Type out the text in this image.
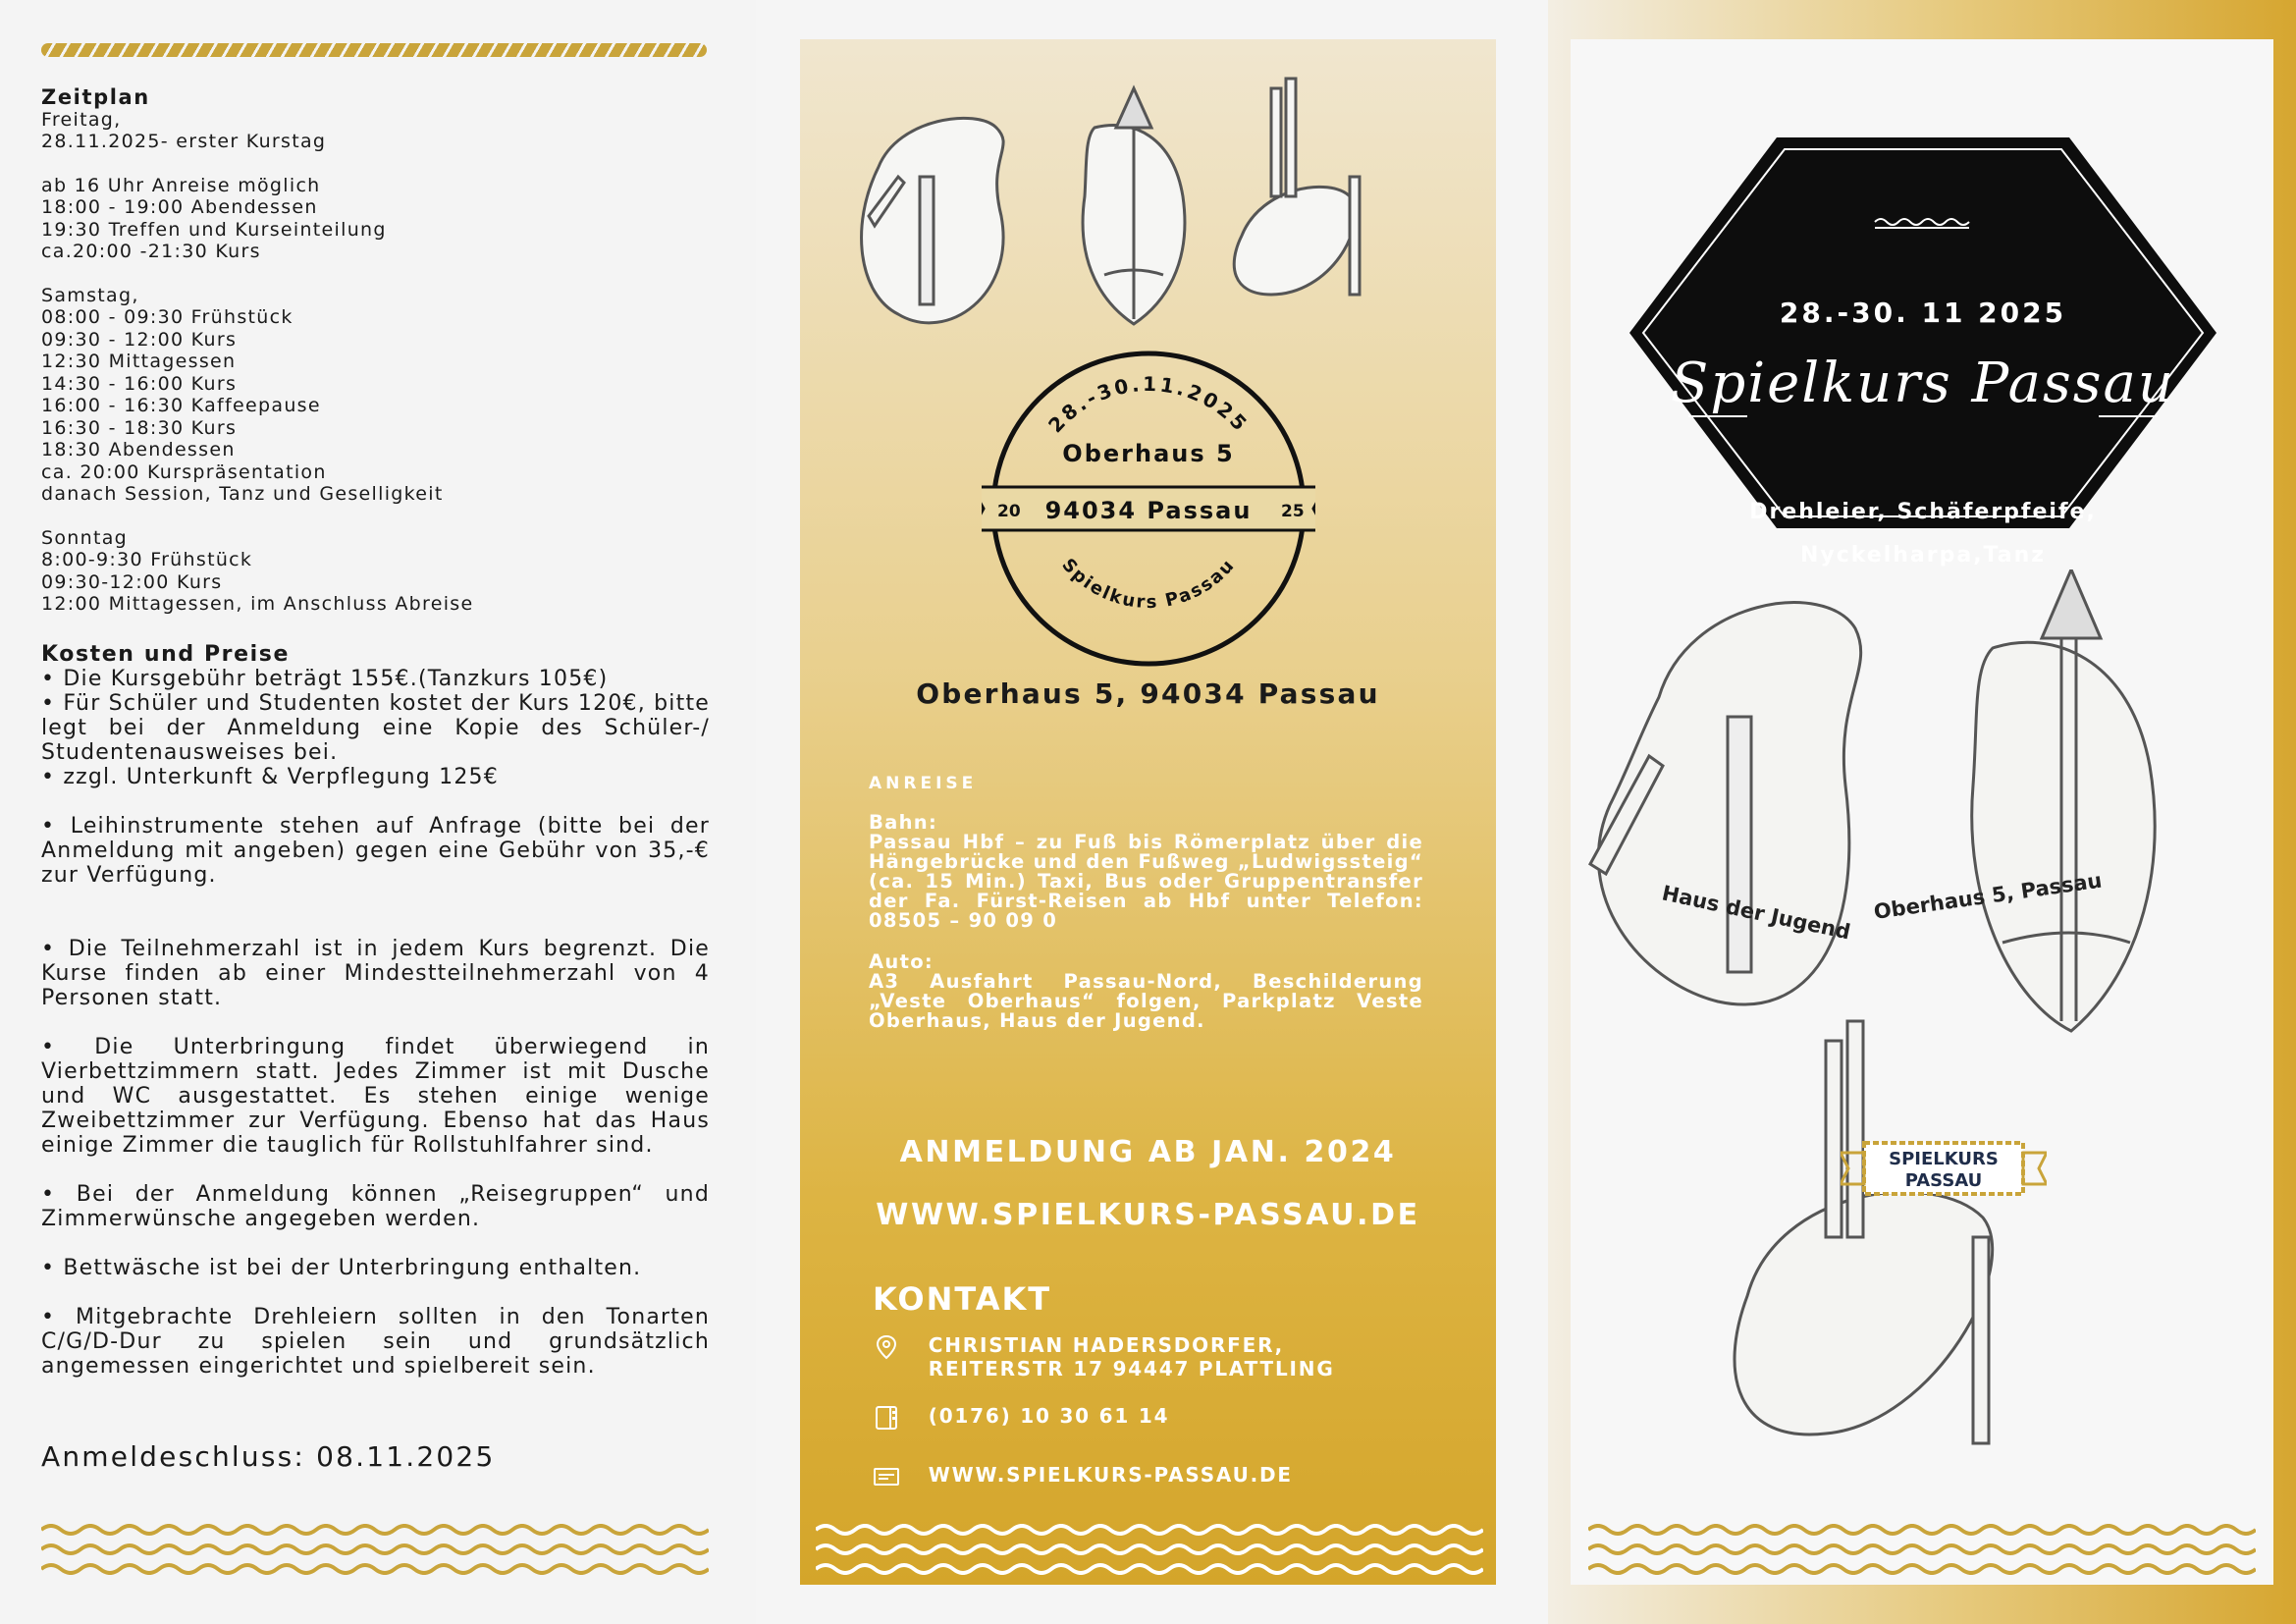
Zeitplan
Freitag,
28.11.2025- erster Kurstag
ab 16 Uhr Anreise möglich
18:00 - 19:00 Abendessen
19:30 Treffen und Kurseinteilung
ca.20:00 -21:30 Kurs
Samstag,
08:00 - 09:30 Frühstück
09:30 - 12:00 Kurs
12:30 Mittagessen
14:30 - 16:00 Kurs
16:00 - 16:30 Kaffeepause
16:30 - 18:30 Kurs
18:30 Abendessen
ca. 20:00 Kurspräsentation
danach Session, Tanz und Geselligkeit
Sonntag
8:00-9:30 Frühstück
09:30-12:00 Kurs
12:00 Mittagessen, im Anschluss Abreise
Kosten und Preise

• Die Kursgebühr beträgt 155€.(Tanzkurs 105€)

• Für Schüler und Studenten kostet der Kurs 120€, bitte legt bei der Anmeldung eine Kopie des Schüler-/ Studentenausweises bei.

• zzgl. Unterkunft & Verpflegung 125€

• Leihinstrumente stehen auf Anfrage (bitte bei der Anmeldung mit angeben) gegen eine Gebühr von 35,-€ zur Verfügung.

• Die Teilnehmerzahl ist in jedem Kurs begrenzt. Die Kurse finden ab einer Mindestteilnehmerzahl von 4 Personen statt.

• Die Unterbringung findet überwiegend in Vierbettzimmern statt. Jedes Zimmer ist mit Dusche und WC ausgestattet. Es stehen einige wenige Zweibettzimmer zur Verfügung. Ebenso hat das Haus einige Zimmer die tauglich für Rollstuhlfahrer sind.

• Bei der Anmeldung können „Reisegruppen“ und Zimmerwünsche angegeben werden.

• Bettwäsche ist bei der Unterbringung enthalten.

• Mitgebrachte Drehleiern sollten in den Tonarten C/G/D-Dur zu spielen sein und grundsätzlich angemessen eingerichtet und spielbereit sein.

Anmeldeschluss: 08.11.2025
28.-30.11.2025
Oberhaus 5
94034 Passau
20	25
Spielkurs Passau
Oberhaus 5, 94034 Passau
ANREISE

Bahn:
Passau Hbf – zu Fuß bis Römerplatz über die Hängebrücke und den Fußweg „Ludwigssteig“ (ca. 15 Min.) Taxi, Bus oder Gruppentransfer der Fa. Fürst-Reisen ab Hbf unter Telefon: 08505 – 90 09 0

Auto:
A3 Ausfahrt Passau-Nord, Beschilderung „Veste Oberhaus“ folgen, Parkplatz Veste Oberhaus, Haus der Jugend.

ANMELDUNG AB JAN. 2024
WWW.SPIELKURS-PASSAU.DE
KONTAKT
CHRISTIAN HADERSDORFER,
REITERSTR 17 94447 PLATTLING
(0176) 10 30 61 14
WWW.SPIELKURS-PASSAU.DE
Haus der Jugend Oberhaus 5, Passau
SPIELKURS
PASSAU
28.-30. 11 2025
Spielkurs Passau
Drehleier, Schäferpfeife,
Nyckelharpa,Tanz
